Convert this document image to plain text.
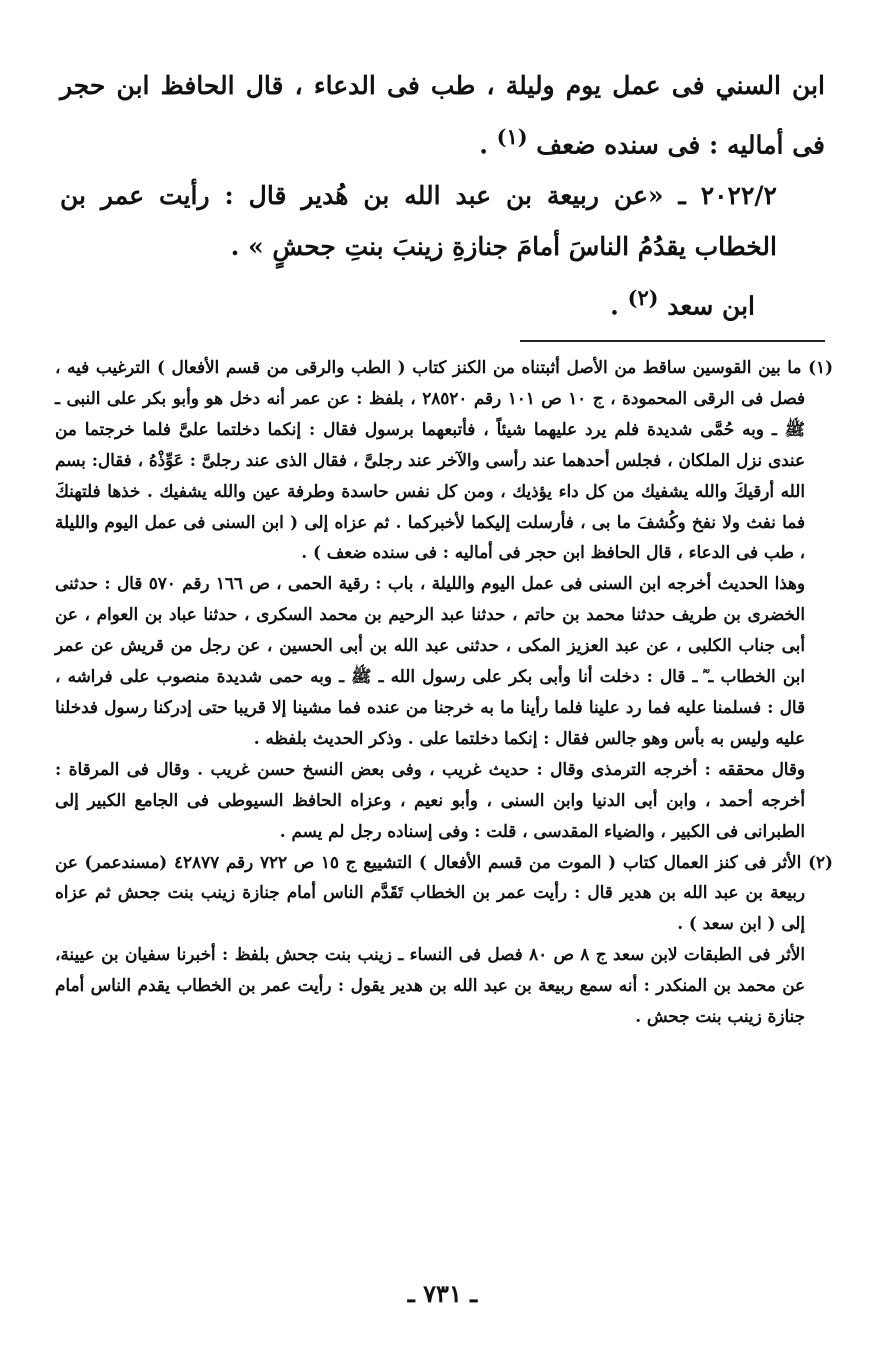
ابن السني فى عمل يوم وليلة ، طب فى الدعاء ، قال الحافظ ابن حجر فى أماليه : فى سنده ضعف $^{(١)}$ .

٢٠٢٢/٢ ـ «عن ربيعة بن عبد الله بن هُدير قال : رأيت عمر بن الخطاب يقدُمُ الناسَ أمامَ جنازةِ زينبَ بنتِ جحشٍ » .

ابن سعد $^{(٢)}$ .

(١) ما بين القوسين ساقط من الأصل أثبتناه من الكنز كتاب ( الطب والرقى من قسم الأفعال ) الترغيب فيه ، فصل فى الرقى المحمودة ، ج ١٠ ص ١٠١ رقم ٢٨٥٢٠ ، بلفظ : عن عمر أنه دخل هو وأبو بكر على النبى ـ ﷺ ـ وبه حُمَّى شديدة فلم يرد عليهما شيئاً ، فأتبعهما برسول فقال : إنكما دخلتما علىَّ فلما خرجتما من عندى نزل الملكان ، فجلس أحدهما عند رأسى والآخر عند رجلىَّ ، فقال الذى عند رجلىَّ : عَوِّذْهُ ، فقال: بسم الله أرقيكَ والله يشفيك من كل داء يؤذيك ، ومن كل نفس حاسدة وطرفة عين والله يشفيك . خذها فلتهنكَ فما نفث ولا نفخ وكُشفَ ما بى ، فأرسلت إليكما لأخبركما . ثم عزاه إلى ( ابن السنى فى عمل اليوم والليلة ، طب فى الدعاء ، قال الحافظ ابن حجر فى أماليه : فى سنده ضعف ) .

وهذا الحديث أخرجه ابن السنى فى عمل اليوم والليلة ، باب : رقية الحمى ، ص ١٦٦ رقم ٥٧٠ قال : حدثنى الخضرى بن طريف حدثنا محمد بن حاتم ، حدثنا عبد الرحيم بن محمد السكرى ، حدثنا عباد بن العوام ، عن أبى جناب الكلبى ، عن عبد العزيز المكى ، حدثنى عبد الله بن أبى الحسين ، عن رجل من قريش عن عمر ابن الخطاب ـ ؓ ـ قال : دخلت أنا وأبى بكر على رسول الله ـ ﷺ ـ وبه حمى شديدة منصوب على فراشه ، قال : فسلمنا عليه فما رد علينا فلما رأينا ما به خرجنا من عنده فما مشينا إلا قريبا حتى إدركنا رسول فدخلنا عليه وليس به بأس وهو جالس فقال : إنكما دخلتما على . وذكر الحديث بلفظه .

وقال محققه : أخرجه الترمذى وقال : حديث غريب ، وفى بعض النسخ حسن غريب . وقال فى المرقاة : أخرجه أحمد ، وابن أبى الدنيا وابن السنى ، وأبو نعيم ، وعزاه الحافظ السيوطى فى الجامع الكبير إلى الطبرانى فى الكبير ، والضياء المقدسى ، قلت : وفى إسناده رجل لم يسم .

(٢) الأثر فى كنز العمال كتاب ( الموت من قسم الأفعال ) التشييع ج ١٥ ص ٧٢٢ رقم ٤٢٨٧٧ (مسندعمر) عن ربيعة بن عبد الله بن هدير قال : رأيت عمر بن الخطاب تَقَدَّم الناس أمام جنازة زينب بنت جحش ثم عزاه إلى ( ابن سعد ) .

الأثر فى الطبقات لابن سعد ج ٨ ص ٨٠ فصل فى النساء ـ زينب بنت جحش بلفظ : أخبرنا سفيان بن عيينة، عن محمد بن المنكدر : أنه سمع ربيعة بن عبد الله بن هدير يقول : رأيت عمر بن الخطاب يقدم الناس أمام جنازة زينب بنت جحش .

ـ ٧٣١ ـ
